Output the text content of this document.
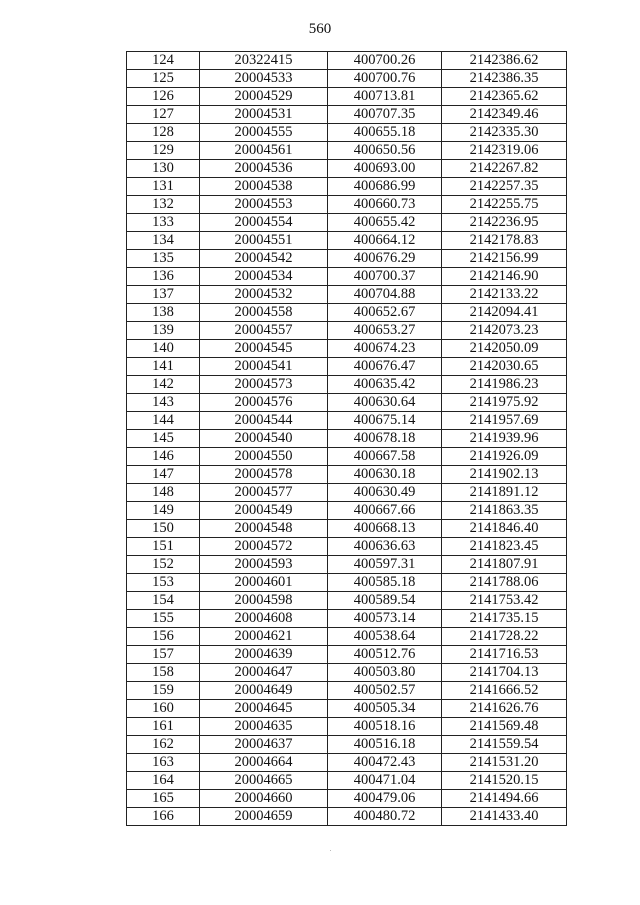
560
124	20322415	400700.26	2142386.62
125	20004533	400700.76	2142386.35
126	20004529	400713.81	2142365.62
127	20004531	400707.35	2142349.46
128	20004555	400655.18	2142335.30
129	20004561	400650.56	2142319.06
130	20004536	400693.00	2142267.82
131	20004538	400686.99	2142257.35
132	20004553	400660.73	2142255.75
133	20004554	400655.42	2142236.95
134	20004551	400664.12	2142178.83
135	20004542	400676.29	2142156.99
136	20004534	400700.37	2142146.90
137	20004532	400704.88	2142133.22
138	20004558	400652.67	2142094.41
139	20004557	400653.27	2142073.23
140	20004545	400674.23	2142050.09
141	20004541	400676.47	2142030.65
142	20004573	400635.42	2141986.23
143	20004576	400630.64	2141975.92
144	20004544	400675.14	2141957.69
145	20004540	400678.18	2141939.96
146	20004550	400667.58	2141926.09
147	20004578	400630.18	2141902.13
148	20004577	400630.49	2141891.12
149	20004549	400667.66	2141863.35
150	20004548	400668.13	2141846.40
151	20004572	400636.63	2141823.45
152	20004593	400597.31	2141807.91
153	20004601	400585.18	2141788.06
154	20004598	400589.54	2141753.42
155	20004608	400573.14	2141735.15
156	20004621	400538.64	2141728.22
157	20004639	400512.76	2141716.53
158	20004647	400503.80	2141704.13
159	20004649	400502.57	2141666.52
160	20004645	400505.34	2141626.76
161	20004635	400518.16	2141569.48
162	20004637	400516.18	2141559.54
163	20004664	400472.43	2141531.20
164	20004665	400471.04	2141520.15
165	20004660	400479.06	2141494.66
166	20004659	400480.72	2141433.40
